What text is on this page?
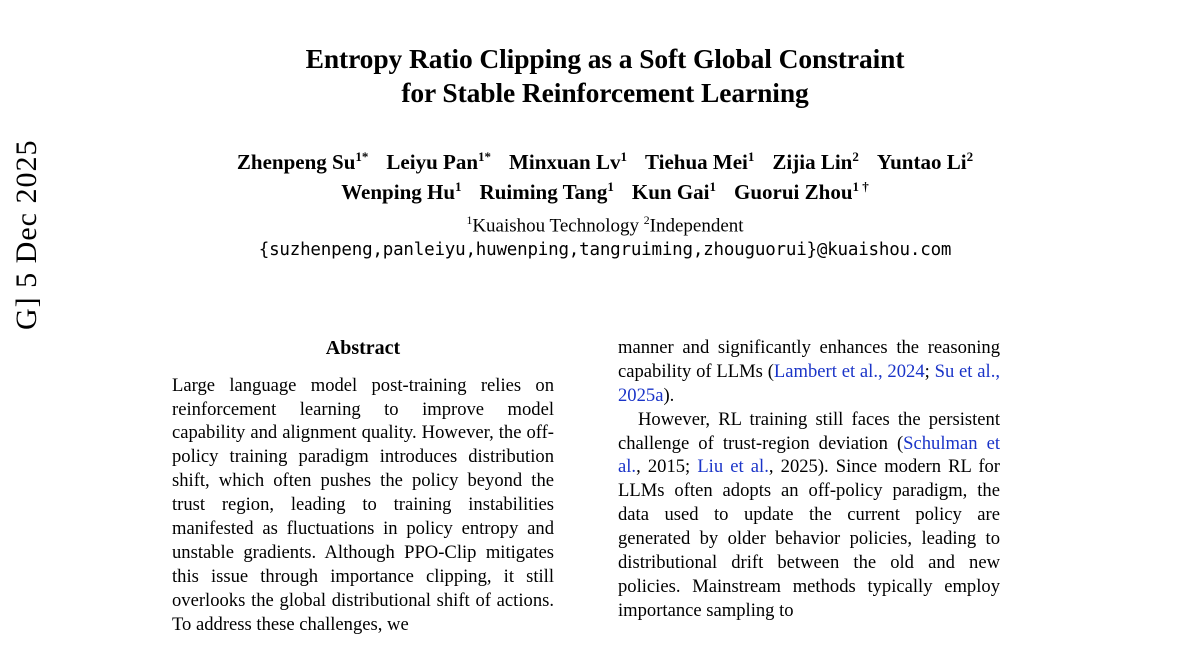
G] 5 Dec 2025
Entropy Ratio Clipping as a Soft Global Constraint
for Stable Reinforcement Learning
Zhenpeng $Su^{1*}$ Leiyu Pan$^{1*}$ Minxuan Lv$^1$ Tiehua Mei$^1$ Zijia Lin$^2$ Yuntao Li$^2$
Wenping Hu$^1$ Ruiming Tang$^1$ Kun Gai$^1$ Guorui Zhou$^{1 \dagger}$
$^1$Kuaishou Technology $^2$Independent
{suzhenpeng,panleiyu,huwenping,tangruiming,zhouguorui}@kuaishou.com
Abstract

Large language model post-training relies on reinforcement learning to improve model capability and alignment quality. However, the off-policy training paradigm introduces distribution shift, which often pushes the policy beyond the trust region, leading to training instabilities manifested as fluctuations in policy entropy and unstable gradients. Although PPO-Clip mitigates this issue through importance clipping, it still overlooks the global distributional shift of actions. To address these challenges, we

manner and significantly enhances the reasoning capability of LLMs (Lambert et al., 2024; Su et al., 2025a).

However, RL training still faces the persistent challenge of trust-region deviation (Schulman et al., 2015; Liu et al., 2025). Since modern RL for LLMs often adopts an off-policy paradigm, the data used to update the current policy are generated by older behavior policies, leading to distributional drift between the old and new policies. Mainstream methods typically employ importance sampling to
